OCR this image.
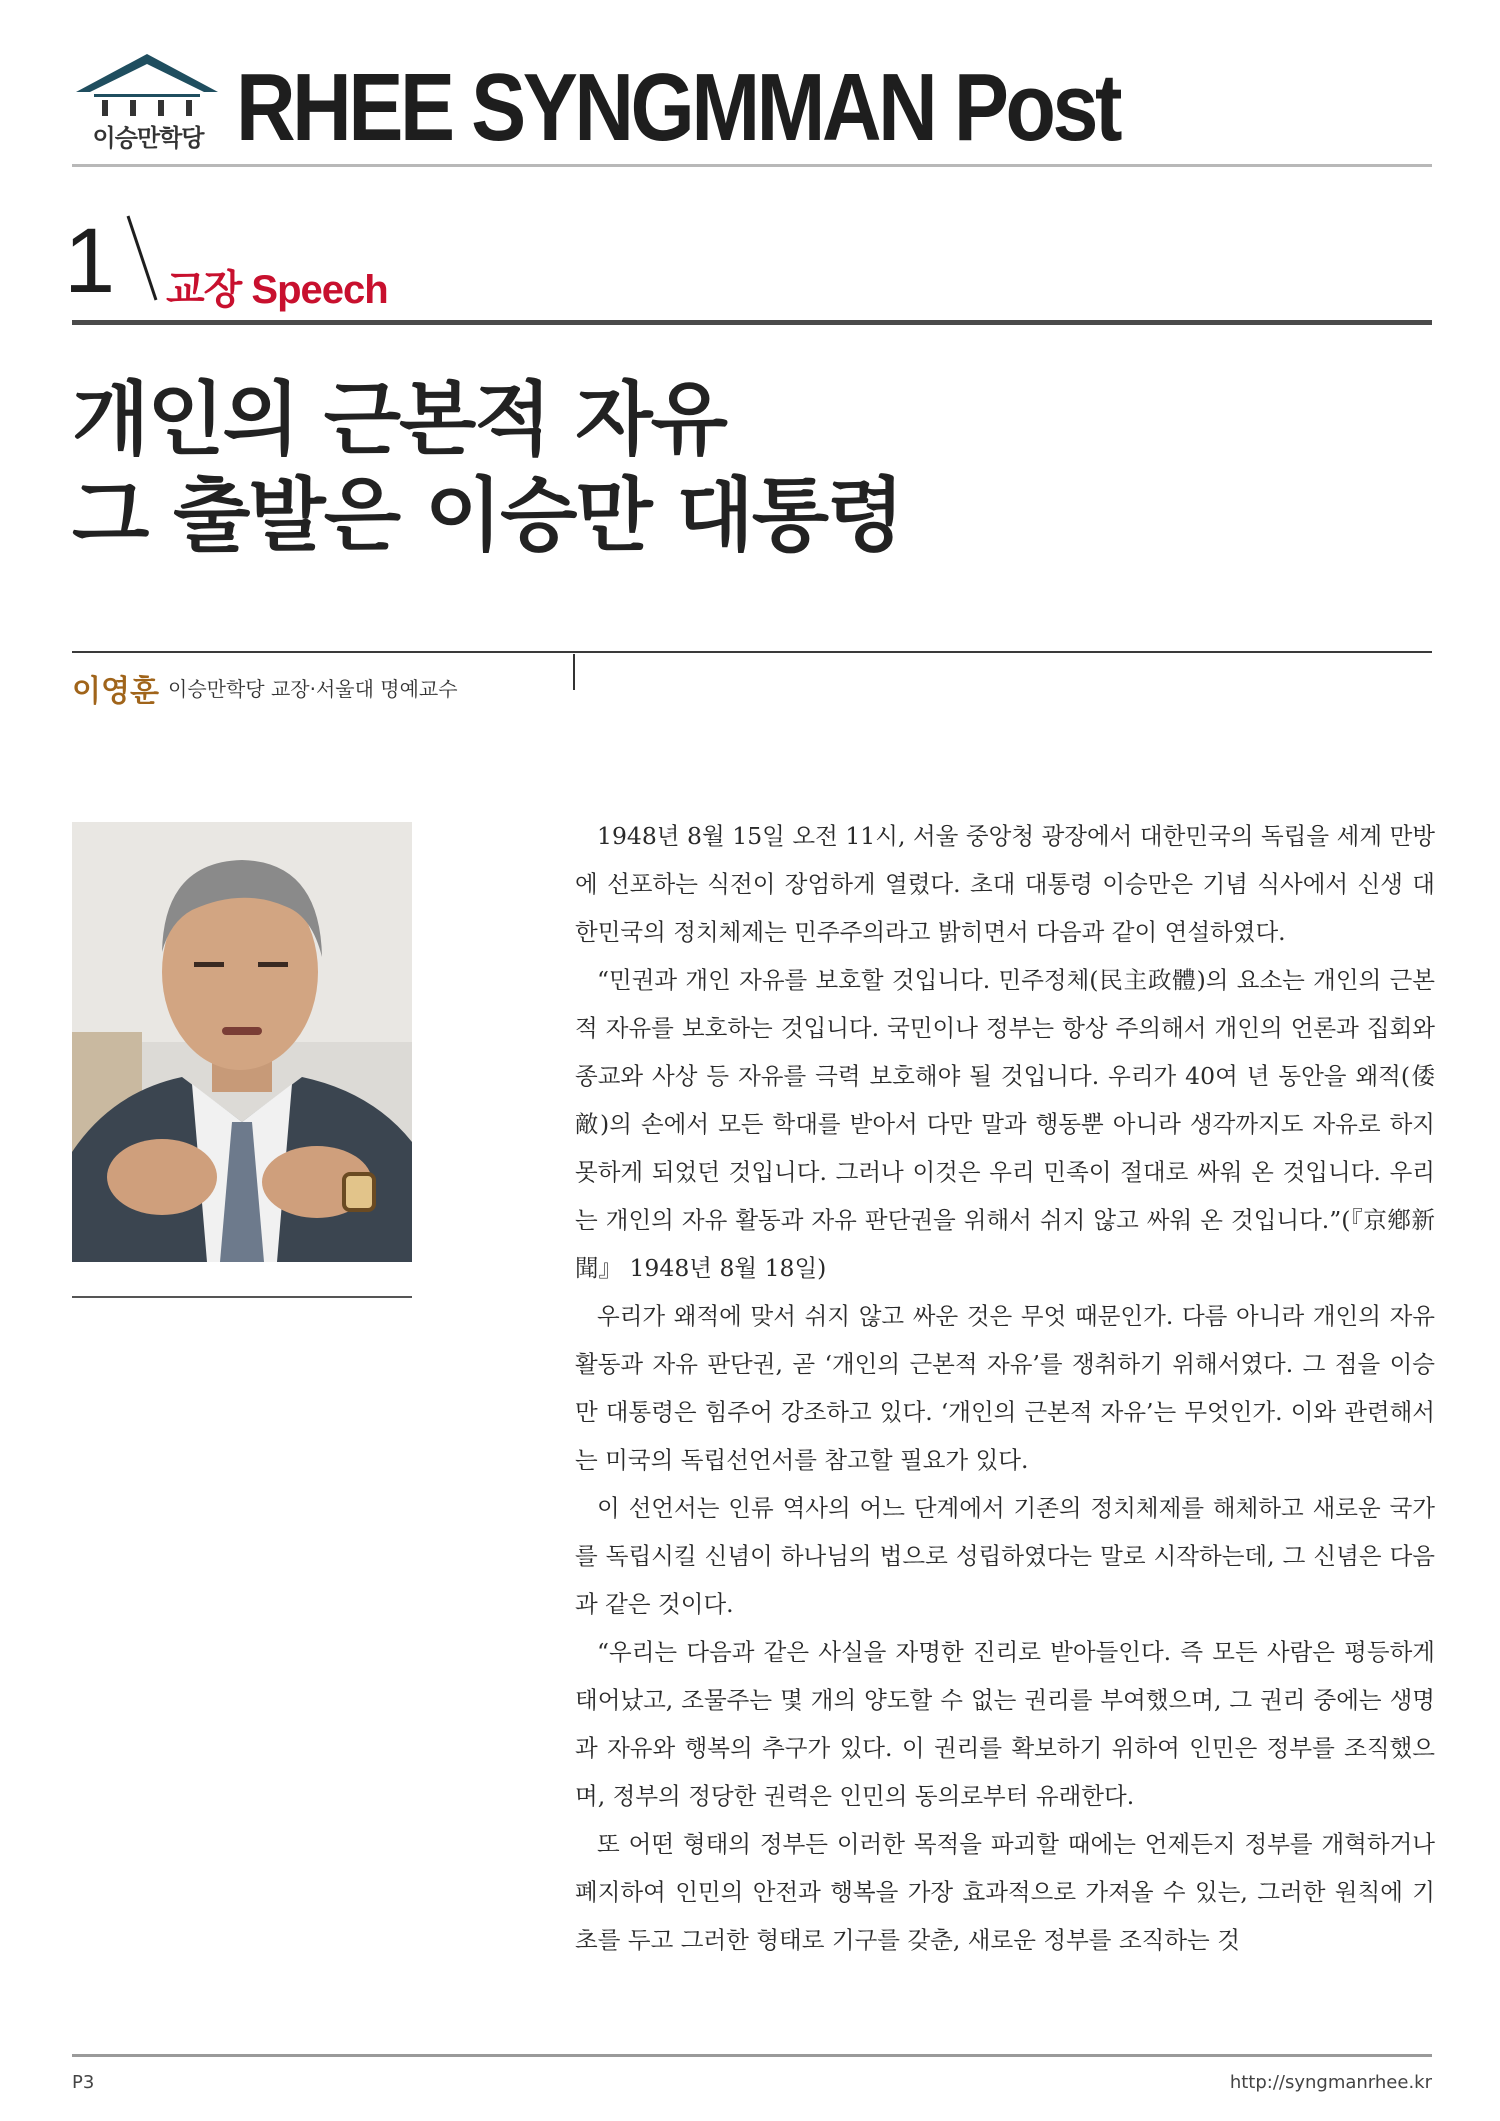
이승만학당 RHEE SYNGMMAN Post
1 교장 Speech
개인의 근본적 자유
그 출발은 이승만 대통령
이영훈 이승만학당 교장·서울대 명예교수

1948년 8월 15일 오전 11시, 서울 중앙청 광장에서 대한민국의 독립을 세계 만방에 선포하는 식전이 장엄하게 열렸다. 초대 대통령 이승만은 기념 식사에서 신생 대한민국의 정치체제는 민주주의라고 밝히면서 다음과 같이 연설하였다.

“민권과 개인 자유를 보호할 것입니다. 민주정체(民主政體)의 요소는 개인의 근본적 자유를 보호하는 것입니다. 국민이나 정부는 항상 주의해서 개인의 언론과 집회와 종교와 사상 등 자유를 극력 보호해야 될 것입니다. 우리가 40여 년 동안을 왜적(倭敵)의 손에서 모든 학대를 받아서 다만 말과 행동뿐 아니라 생각까지도 자유로 하지 못하게 되었던 것입니다. 그러나 이것은 우리 민족이 절대로 싸워 온 것입니다. 우리는 개인의 자유 활동과 자유 판단권을 위해서 쉬지 않고 싸워 온 것입니다.”(『京鄕新聞』 1948년 8월 18일)

우리가 왜적에 맞서 쉬지 않고 싸운 것은 무엇 때문인가. 다름 아니라 개인의 자유 활동과 자유 판단권, 곧 ‘개인의 근본적 자유’를 쟁취하기 위해서였다. 그 점을 이승만 대통령은 힘주어 강조하고 있다. ‘개인의 근본적 자유’는 무엇인가. 이와 관련해서는 미국의 독립선언서를 참고할 필요가 있다.

이 선언서는 인류 역사의 어느 단계에서 기존의 정치체제를 해체하고 새로운 국가를 독립시킬 신념이 하나님의 법으로 성립하였다는 말로 시작하는데, 그 신념은 다음과 같은 것이다.

“우리는 다음과 같은 사실을 자명한 진리로 받아들인다. 즉 모든 사람은 평등하게 태어났고, 조물주는 몇 개의 양도할 수 없는 권리를 부여했으며, 그 권리 중에는 생명과 자유와 행복의 추구가 있다. 이 권리를 확보하기 위하여 인민은 정부를 조직했으며, 정부의 정당한 권력은 인민의 동의로부터 유래한다.

또 어떤 형태의 정부든 이러한 목적을 파괴할 때에는 언제든지 정부를 개혁하거나 폐지하여 인민의 안전과 행복을 가장 효과적으로 가져올 수 있는, 그러한 원칙에 기초를 두고 그러한 형태로 기구를 갖춘, 새로운 정부를 조직하는 것

P3	http://syngmanrhee.kr
